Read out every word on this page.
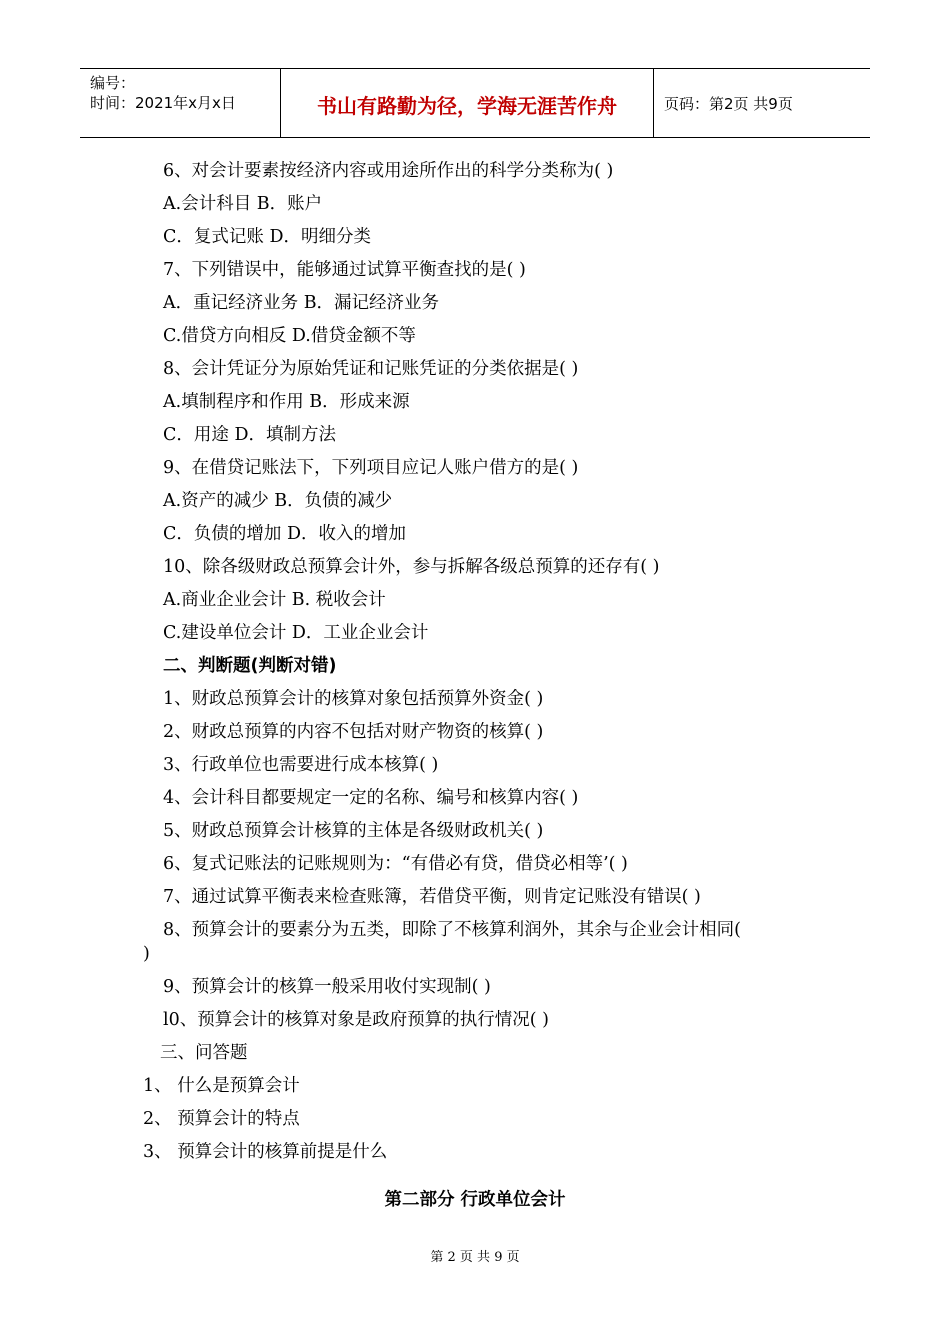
编号：
时间：2021年x月x日	书山有路勤为径，学海无涯苦作舟	页码：第2页 共9页
6、对会计要素按经济内容或用途所作出的科学分类称为( )
A.会计科目 B．账户
C．复式记账 D．明细分类
7、下列错误中，能够通过试算平衡查找的是( )
A．重记经济业务 B．漏记经济业务
C.借贷方向相反 D.借贷金额不等
8、会计凭证分为原始凭证和记账凭证的分类依据是( )
A.填制程序和作用 B．形成来源
C．用途 D．填制方法
9、在借贷记账法下，下列项目应记人账户借方的是( )
A.资产的减少 B．负债的减少
C．负债的增加 D．收入的增加
10、除各级财政总预算会计外，参与拆解各级总预算的还存有( )
A.商业企业会计 B. 税收会计
C.建设单位会计 D．工业企业会计
二、判断题(判断对错)
1、财政总预算会计的核算对象包括预算外资金( )
2、财政总预算的内容不包括对财产物资的核算( )
3、行政单位也需要进行成本核算( )
4、会计科目都要规定一定的名称、编号和核算内容( )
5、财政总预算会计核算的主体是各级财政机关( )
6、复式记账法的记账规则为：“有借必有贷，借贷必相等’( )
7、通过试算平衡表来检查账簿，若借贷平衡，则肯定记账没有错误( )
8、预算会计的要素分为五类，即除了不核算利润外，其余与企业会计相同(
)
9、预算会计的核算一般采用收付实现制( )
l0、预算会计的核算对象是政府预算的执行情况( )
三、问答题
1、 什么是预算会计
2、 预算会计的特点
3、 预算会计的核算前提是什么
第二部分 行政单位会计
第 2 页 共 9 页
